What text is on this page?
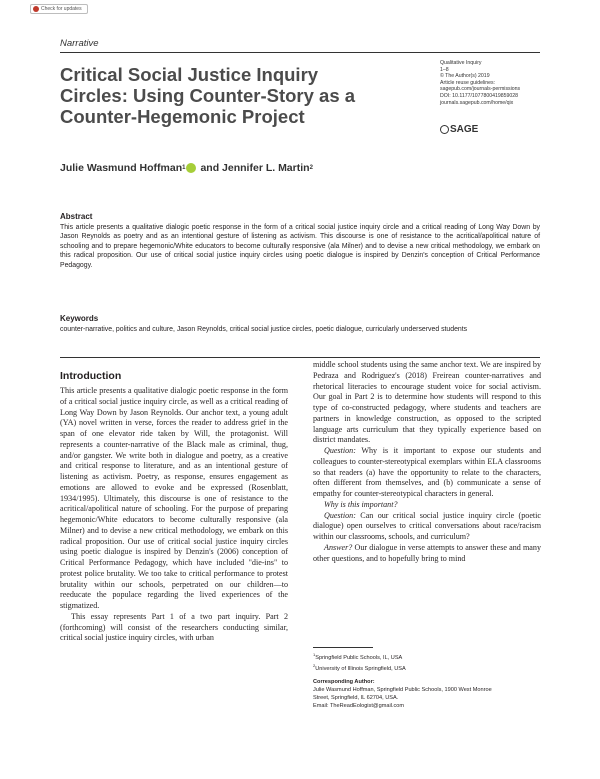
Check for updates
Narrative
Critical Social Justice Inquiry Circles: Using Counter-Story as a Counter-Hegemonic Project
Qualitative Inquiry
1–8
© The Author(s) 2019
Article reuse guidelines:
sagepub.com/journals-permissions
DOI: 10.1177/1077800419859028
journals.sagepub.com/home/qix
SAGE
Julie Wasmund Hoffman 1 and Jennifer L. Martin 2
Abstract

This article presents a qualitative dialogic poetic response in the form of a critical social justice inquiry circle and a critical reading of Long Way Down by Jason Reynolds as poetry and as an intentional gesture of listening as activism. This discourse is one of resistance to the acritical/apolitical nature of schooling and to prepare hegemonic/White educators to become culturally responsive (ala Milner) and to devise a new critical methodology, we embark on this radical proposition. Our use of critical social justice inquiry circles using poetic dialogue is inspired by Denzin's conception of Critical Performance Pedagogy.

Keywords

counter-narrative, politics and culture, Jason Reynolds, critical social justice circles, poetic dialogue, curricularly underserved students

Introduction

This article presents a qualitative dialogic poetic response in the form of a critical social justice inquiry circle, as well as a critical reading of Long Way Down by Jason Reynolds. Our anchor text, a young adult (YA) novel written in verse, forces the reader to address grief in the span of one elevator ride taken by Will, the protagonist. Will represents a counter-narrative of the Black male as criminal, thug, and/or gangster. We write both in dialogue and poetry, as a creative and critical response to literature, and as an intentional gesture of listening as activism. Poetry, as response, ensures engagement as emotions are allowed to evoke and be expressed (Rosenblatt, 1934/1995). Ultimately, this discourse is one of resistance to the acritical/apolitical nature of schooling. For the purpose of preparing hegemonic/White educators to become culturally responsive (ala Milner) and to devise a new critical methodology, we embark on this radical proposition. Our use of critical social justice inquiry circles using poetic dialogue is inspired by Denzin's (2006) conception of Critical Performance Pedagogy, which have included "die-ins" to protest police brutality. We too take to critical performance to protest brutality within our schools, perpetrated on our children—to reeducate the populace regarding the lived experiences of the stigmatized.

This essay represents Part 1 of a two part inquiry. Part 2 (forthcoming) will consist of the researchers conducting similar, critical social justice inquiry circles, with urban

middle school students using the same anchor text. We are inspired by Pedraza and Rodriguez's (2018) Freirean counter-narratives and rhetorical literacies to encourage student voice for social activism. Our goal in Part 2 is to determine how students will respond to this type of co-constructed pedagogy, where students and teachers are partners in knowledge construction, as opposed to the scripted language arts curriculum that they typically experience based on district mandates.

Question: Why is it important to expose our students and colleagues to counter-stereotypical exemplars within ELA classrooms so that readers (a) have the opportunity to relate to the characters, often different from themselves, and (b) communicate a sense of empathy for counter-stereotypical characters in general.

Why is this important?

Question: Can our critical social justice inquiry circle (poetic dialogue) open ourselves to critical conversations about race/racism within our classrooms, schools, and curriculum?

Answer? Our dialogue in verse attempts to answer these and many other questions, and to hopefully bring to mind

$^1$Springfield Public Schools, IL, USA
$^2$University of Illinois Springfield, USA
Corresponding Author:
Julie Wasmund Hoffman, Springfield Public Schools, 1900 West Monroe
Street, Springfield, IL 62704, USA.
Email: TheReadEologist@gmail.com
